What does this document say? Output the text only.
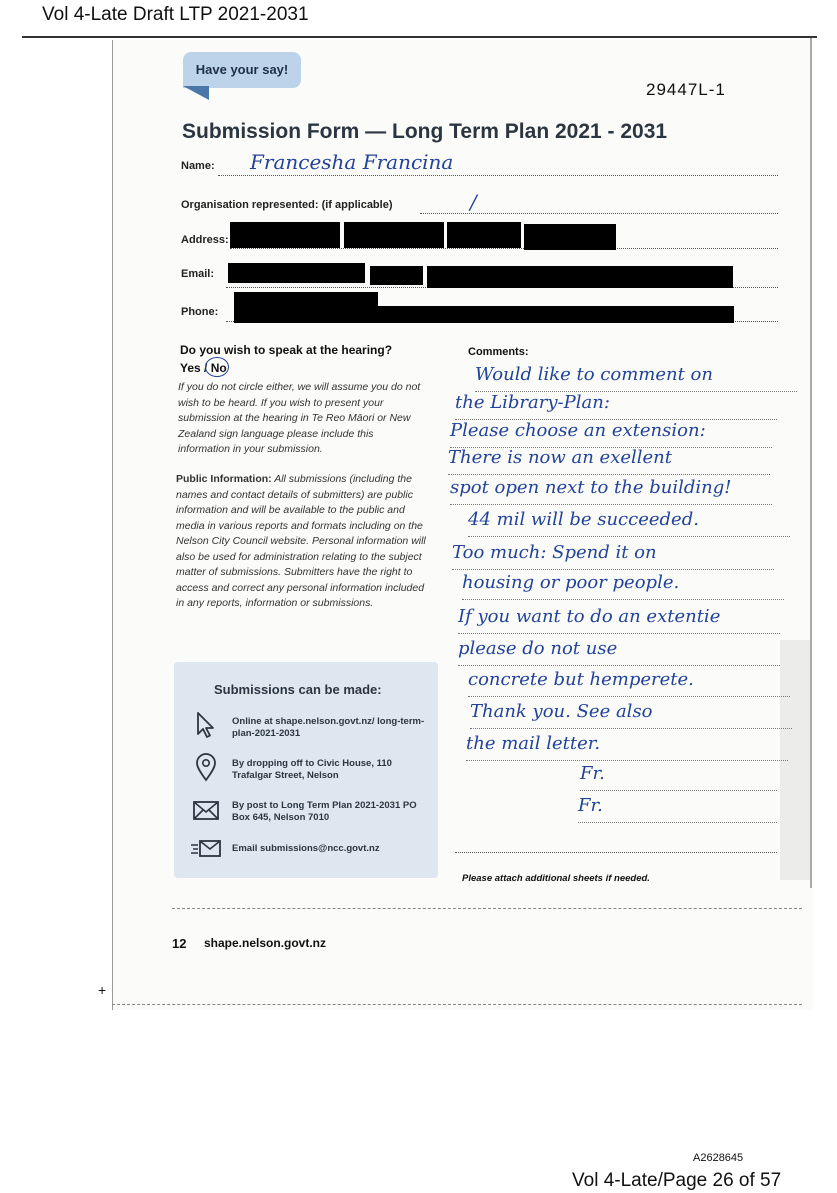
Vol 4-Late Draft LTP 2021-2031
A2628645
Vol 4-Late/Page 26 of 57
Have your say!
29447L-1
Submission Form — Long Term Plan 2021 - 2031
Name: Francesha Francina
Organisation represented: (if applicable)	/
Address:
Email:
Phone:
Do you wish to speak at the hearing?
Yes / No
If you do not circle either, we will assume you do not wish to be heard. If you wish to present your submission at the hearing in Te Reo Māori or New Zealand sign language please include this information in your submission.
Public Information: All submissions (including the names and contact details of submitters) are public information and will be available to the public and media in various reports and formats including on the Nelson City Council website. Personal information will also be used for administration relating to the subject matter of submissions. Submitters have the right to access and correct any personal information included in any reports, information or submissions.
Comments:
Would like to comment on
the Library-Plan:
Please choose an extension:
There is now an exellent
spot open next to the building!
44 mil will be succeeded.
Too much: Spend it on
housing or poor people.
If you want to do an extentie
please do not use
concrete but hemperete.
Thank you. See also
the mail letter.
Fr.
Fr.
Please attach additional sheets if needed.
Submissions can be made:
Online at shape.nelson.govt.nz/ long-term-plan-2021-2031
By dropping off to Civic House, 110 Trafalgar Street, Nelson
By post to Long Term Plan 2021-2031 PO Box 645, Nelson 7010
Email submissions@ncc.govt.nz
12 shape.nelson.govt.nz
+
